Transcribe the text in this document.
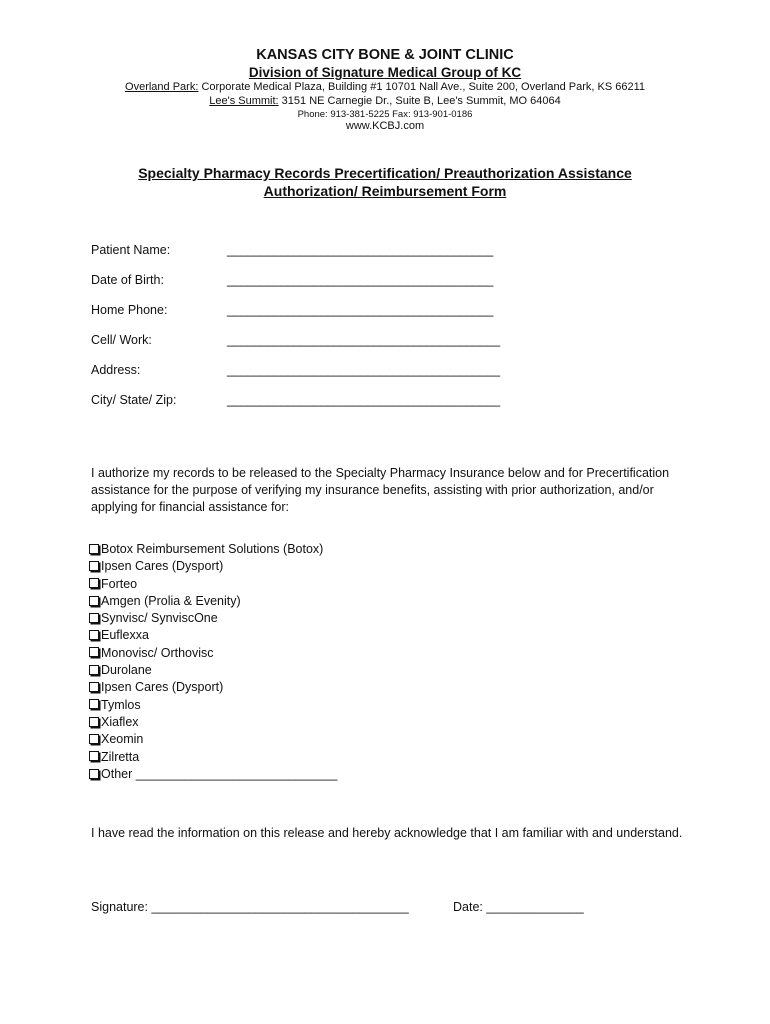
KANSAS CITY BONE & JOINT CLINIC
Division of Signature Medical Group of KC
Overland Park: Corporate Medical Plaza, Building #1 10701 Nall Ave., Suite 200, Overland Park, KS 66211
Lee's Summit: 3151 NE Carnegie Dr., Suite B, Lee's Summit, MO 64064
Phone: 913-381-5225 Fax: 913-901-0186
www.KCBJ.com
Specialty Pharmacy Records Precertification/ Preauthorization Assistance
Authorization/ Reimbursement Form
Patient Name:	________________________________________
Date of Birth:	________________________________________
Home Phone:	________________________________________
Cell/ Work:	_________________________________________
Address:	_________________________________________
City/ State/ Zip:	_________________________________________
I authorize my records to be released to the Specialty Pharmacy Insurance below and for Precertification assistance for the purpose of verifying my insurance benefits, assisting with prior authorization, and/or applying for financial assistance for:
Botox Reimbursement Solutions (Botox)
Ipsen Cares (Dysport)
Forteo
Amgen (Prolia & Evenity)
Synvisc/ SynviscOne
Euflexxa
Monovisc/ Orthovisc
Durolane
Ipsen Cares (Dysport)
Tymlos
Xiaflex
Xeomin
Zilretta
Other _____________________________
I have read the information on this release and hereby acknowledge that I am familiar with and understand.
Signature: _____________________________________	Date: ______________
